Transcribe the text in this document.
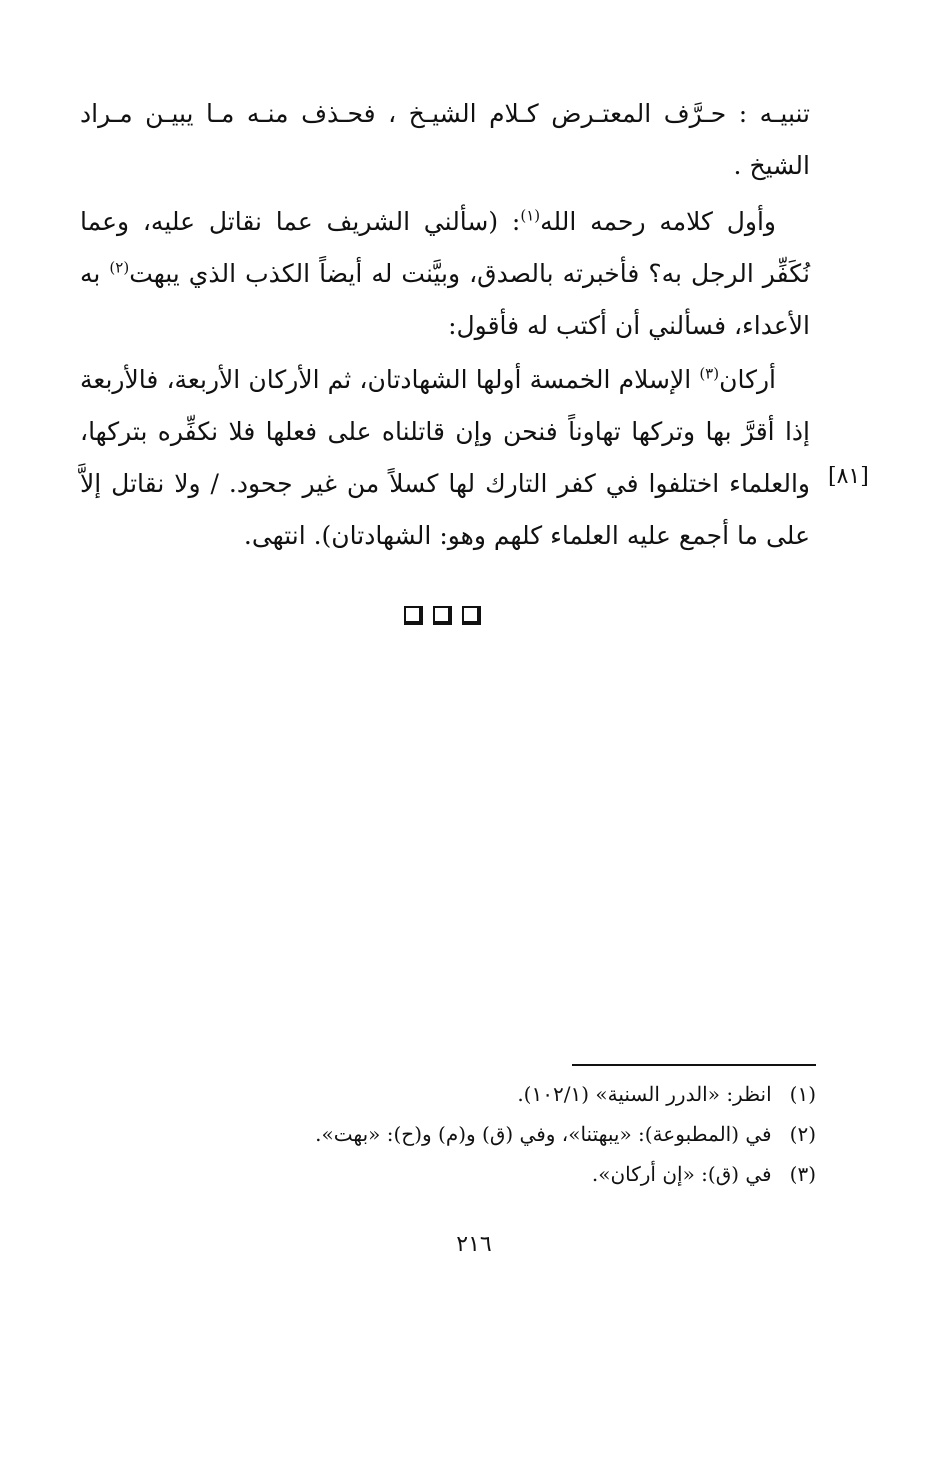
تنبيـه : حـرَّف المعتـرض كـلام الشيـخ ، فحـذف منـه مـا يبيـن مـراد الشيخ .

وأول كلامه رحمه الله$^{(١)}$: (سألني الشريف عما نقاتل عليه، وعما نُكَفِّر الرجل به؟ فأخبرته بالصدق، وبيَّنت له أيضاً الكذب الذي يبهت$^{(٢)}$ به الأعداء، فسألني أن أكتب له فأقول:

أركان$^{(٣)}$ الإسلام الخمسة أولها الشهادتان، ثم الأركان الأربعة، فالأربعة إذا أقرَّ بها وتركها تهاوناً فنحن وإن قاتلناه على فعلها فلا نكفِّره بتركها، والعلماء اختلفوا في كفر التارك لها كسلاً من غير جحود. / ولا نقاتل إلاَّ على ما أجمع عليه العلماء كلهم وهو: الشهادتان). انتهى.

[٨١]
(١)انظر: «الدرر السنية» (١٠٢/١).
(٢)في (المطبوعة): «يبهتنا»، وفي (ق) و(م) و(ح): «بهت».
(٣)في (ق): «إن أركان».
٢١٦
